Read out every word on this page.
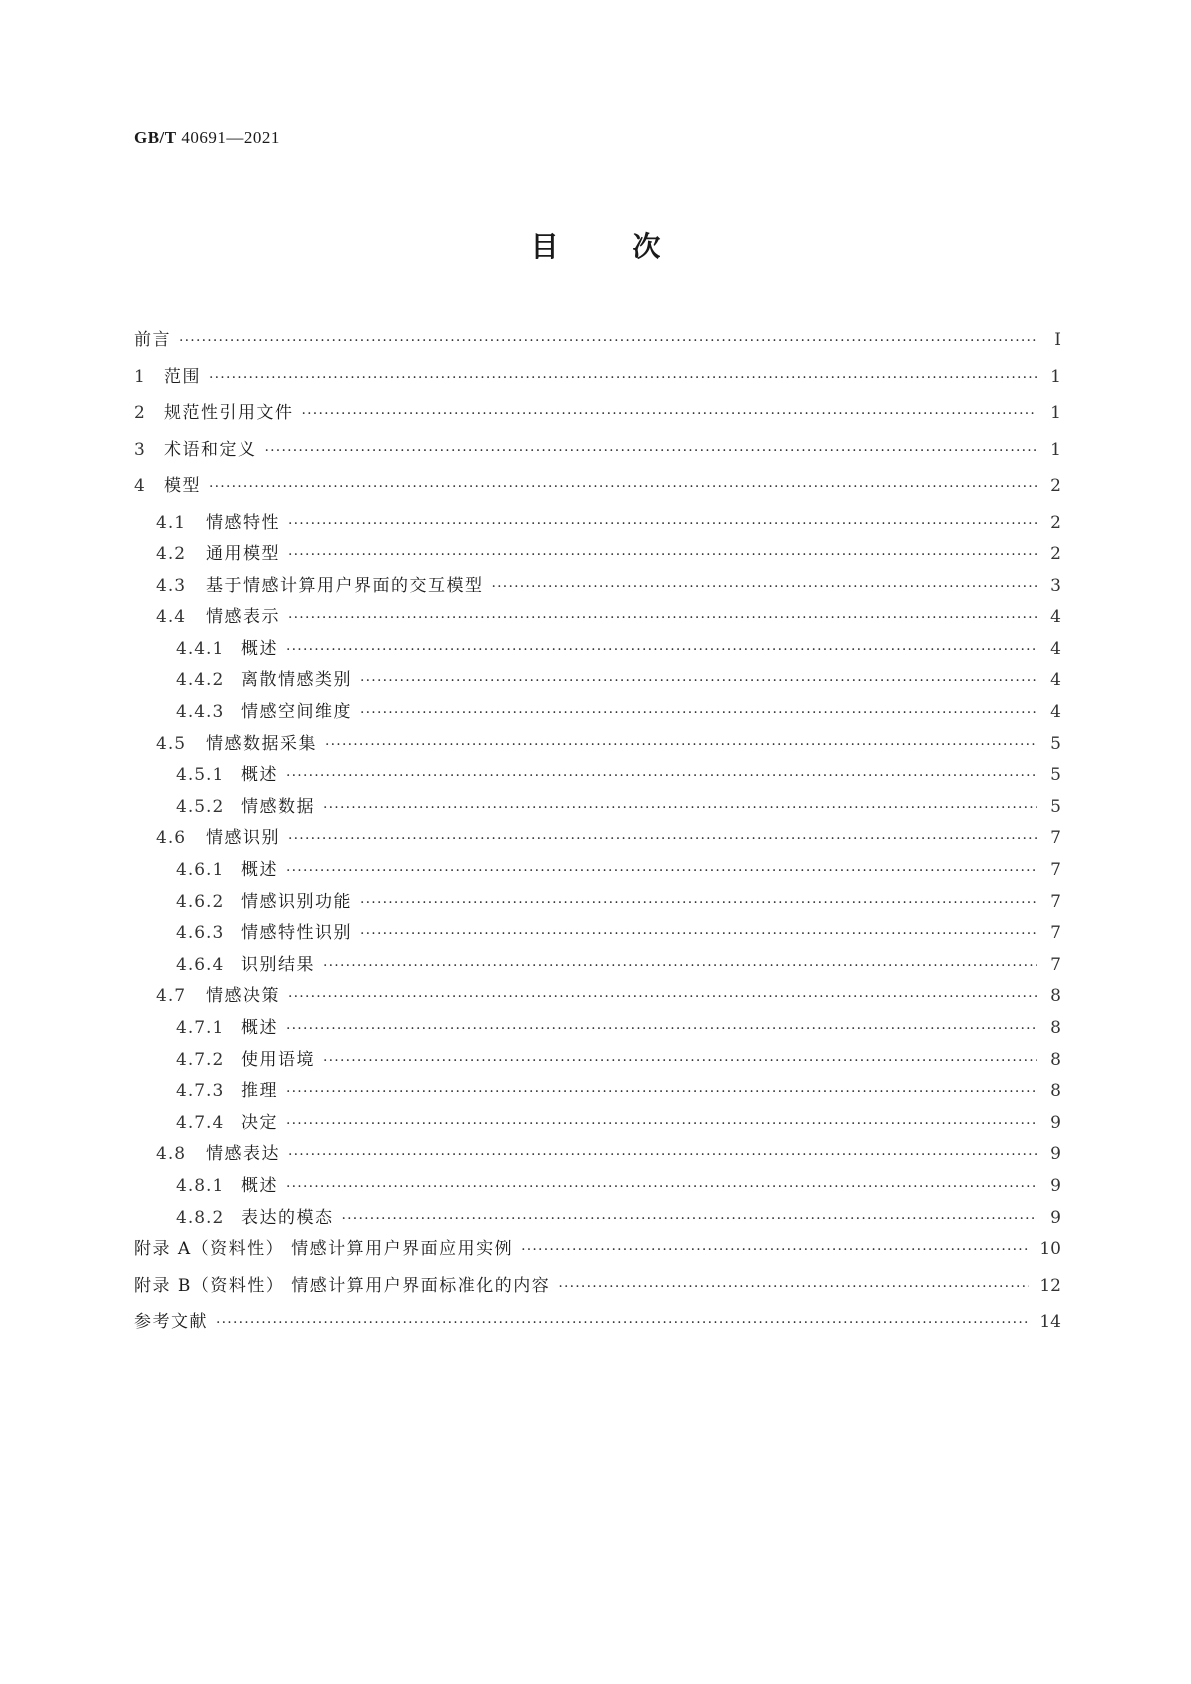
GB/T 40691—2021
目	次
前言 ·····	Ⅰ
1	范围 ·····	1
2	规范性引用文件 ·····	1
3	术语和定义 ·····	1
4	模型 ·····	2
4.1	情感特性 ·····	2
4.2	通用模型 ·····	2
4.3	基于情感计算用户界面的交互模型 ·····	3
4.4	情感表示 ·····	4
4.4.1 概述 ·····	4
4.4.2 离散情感类别 ·····	4
4.4.3 情感空间维度 ·····	4
4.5	情感数据采集 ·····	5
4.5.1 概述 ·····	5
4.5.2 情感数据 ·····	5
4.6	情感识别 ·····	7
4.6.1 概述 ·····	7
4.6.2 情感识别功能 ·····	7
4.6.3 情感特性识别 ·····	7
4.6.4 识别结果 ·····	7
4.7	情感决策 ·····	8
4.7.1 概述 ·····	8
4.7.2 使用语境 ·····	8
4.7.3 推理 ·····	8
4.7.4 决定 ·····	9
4.8	情感表达 ·····	9
4.8.1 概述 ·····	9
4.8.2 表达的模态 ·····	9
附录 A（资料性） 情感计算用户界面应用实例 ·····	10
附录 B（资料性） 情感计算用户界面标准化的内容 ·····	12
参考文献 ·····	14
